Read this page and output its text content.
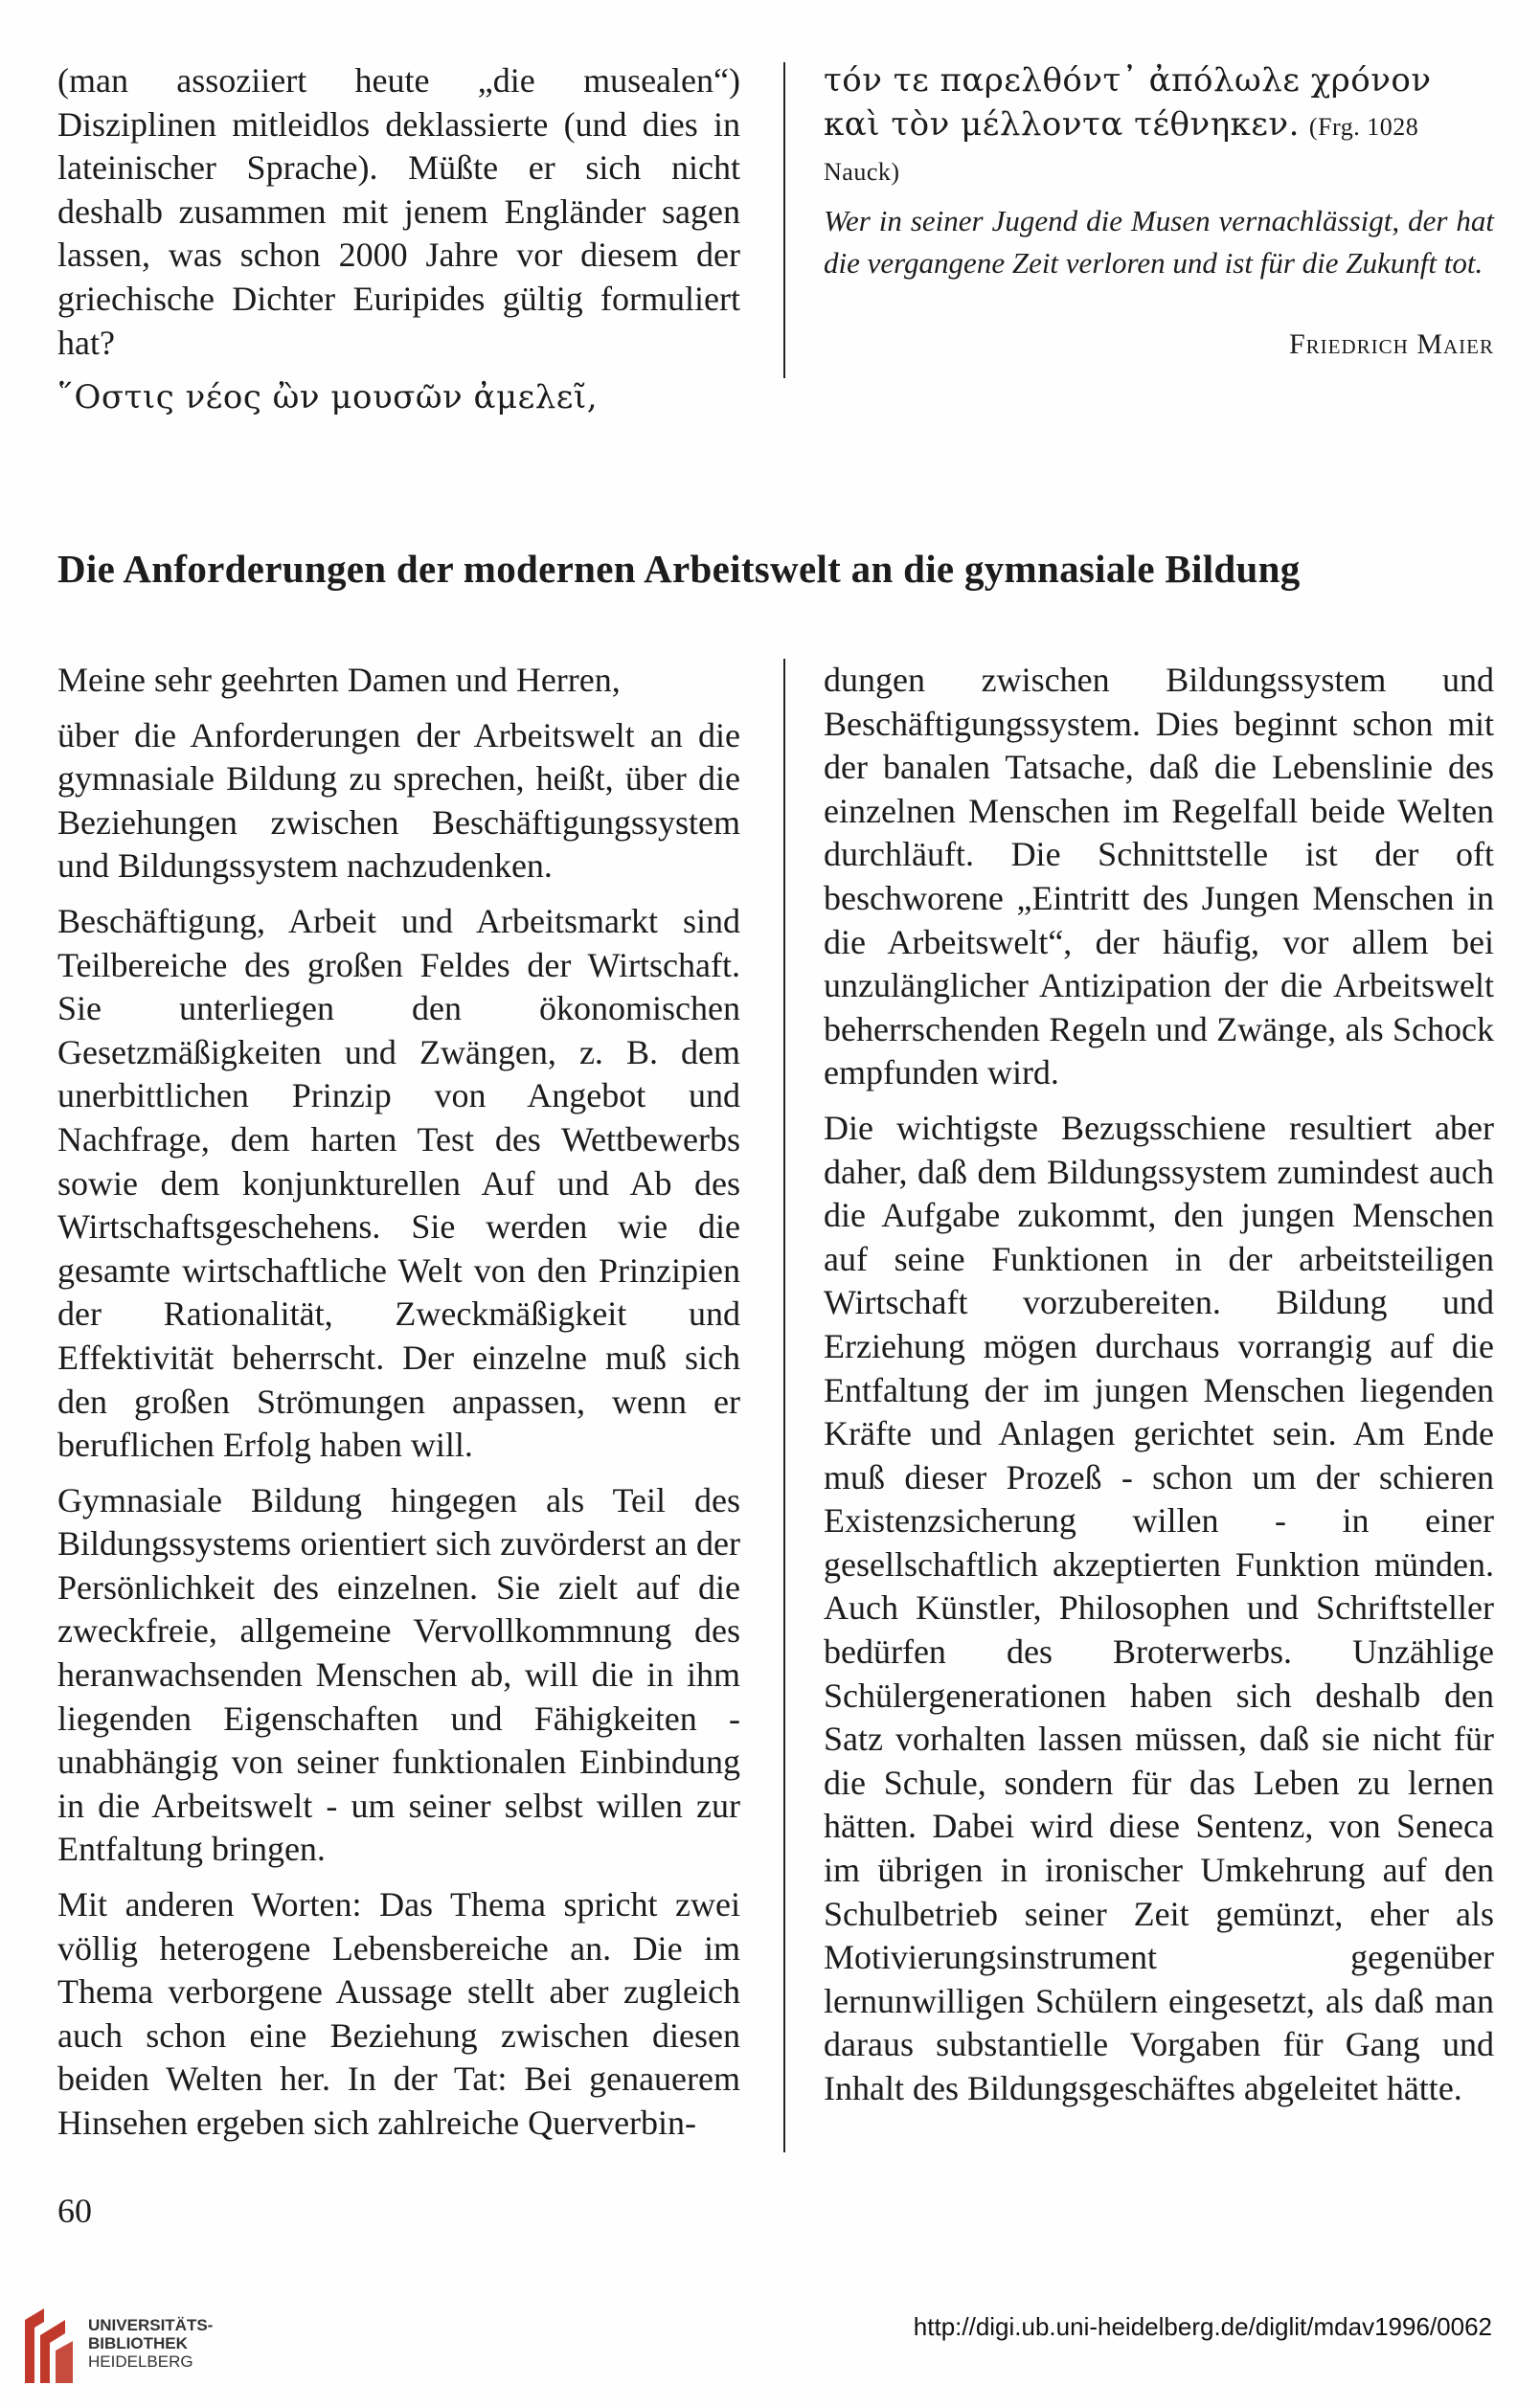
(man assoziiert heute „die musealen“) Disziplinen mitleidlos deklassierte (und dies in lateinischer Sprache). Müßte er sich nicht deshalb zusammen mit jenem Engländer sagen lassen, was schon 2000 Jahre vor diesem der griechische Dichter Euripides gültig formuliert hat?

῞Οστις νέος ὢν μουσῶν ἀμελεῖ,

τόν τε παρελθόντ᾽ ἀπόλωλε χρόνον
καὶ τὸν μέλλοντα τέθνηκεν. (Frg. 1028 Nauck)
Wer in seiner Jugend die Musen vernachlässigt, der hat die vergangene Zeit verloren und ist für die Zukunft tot.
Friedrich Maier
Die Anforderungen der modernen Arbeitswelt an die gymnasiale Bildung

Meine sehr geehrten Damen und Herren,

über die Anforderungen der Arbeitswelt an die gymnasiale Bildung zu sprechen, heißt, über die Beziehungen zwischen Beschäftigungssystem und Bildungssystem nachzudenken.

Beschäftigung, Arbeit und Arbeitsmarkt sind Teilbereiche des großen Feldes der Wirtschaft. Sie unterliegen den ökonomischen Gesetzmäßigkeiten und Zwängen, z. B. dem unerbittlichen Prinzip von Angebot und Nachfrage, dem harten Test des Wettbewerbs sowie dem konjunkturellen Auf und Ab des Wirtschaftsgeschehens. Sie werden wie die gesamte wirtschaftliche Welt von den Prinzipien der Rationalität, Zweckmäßigkeit und Effektivität beherrscht. Der einzelne muß sich den großen Strömungen anpassen, wenn er beruflichen Erfolg haben will.

Gymnasiale Bildung hingegen als Teil des Bildungssystems orientiert sich zuvörderst an der Persönlichkeit des einzelnen. Sie zielt auf die zweckfreie, allgemeine Vervollkommnung des heranwachsenden Menschen ab, will die in ihm liegenden Eigenschaften und Fähigkeiten - unabhängig von seiner funktionalen Einbindung in die Arbeitswelt - um seiner selbst willen zur Entfaltung bringen.

Mit anderen Worten: Das Thema spricht zwei völlig heterogene Lebensbereiche an. Die im Thema verborgene Aussage stellt aber zugleich auch schon eine Beziehung zwischen diesen beiden Welten her. In der Tat: Bei genauerem Hinsehen ergeben sich zahlreiche Querverbin-

dungen zwischen Bildungssystem und Beschäftigungssystem. Dies beginnt schon mit der banalen Tatsache, daß die Lebenslinie des einzelnen Menschen im Regelfall beide Welten durchläuft. Die Schnittstelle ist der oft beschworene „Eintritt des Jungen Menschen in die Arbeitswelt“, der häufig, vor allem bei unzulänglicher Antizipation der die Arbeitswelt beherrschenden Regeln und Zwänge, als Schock empfunden wird.

Die wichtigste Bezugsschiene resultiert aber daher, daß dem Bildungssystem zumindest auch die Aufgabe zukommt, den jungen Menschen auf seine Funktionen in der arbeitsteiligen Wirtschaft vorzubereiten. Bildung und Erziehung mögen durchaus vorrangig auf die Entfaltung der im jungen Menschen liegenden Kräfte und Anlagen gerichtet sein. Am Ende muß dieser Prozeß - schon um der schieren Existenzsicherung willen - in einer gesellschaftlich akzeptierten Funktion münden. Auch Künstler, Philosophen und Schriftsteller bedürfen des Broterwerbs. Unzählige Schülergenerationen haben sich deshalb den Satz vorhalten lassen müssen, daß sie nicht für die Schule, sondern für das Leben zu lernen hätten. Dabei wird diese Sentenz, von Seneca im übrigen in ironischer Umkehrung auf den Schulbetrieb seiner Zeit gemünzt, eher als Motivierungsinstrument gegenüber lernunwilligen Schülern eingesetzt, als daß man daraus substantielle Vorgaben für Gang und Inhalt des Bildungsgeschäftes abgeleitet hätte.

60
UNIVERSITÄTS-
BIBLIOTHEK
HEIDELBERG
http://digi.ub.uni-heidelberg.de/diglit/mdav1996/0062
